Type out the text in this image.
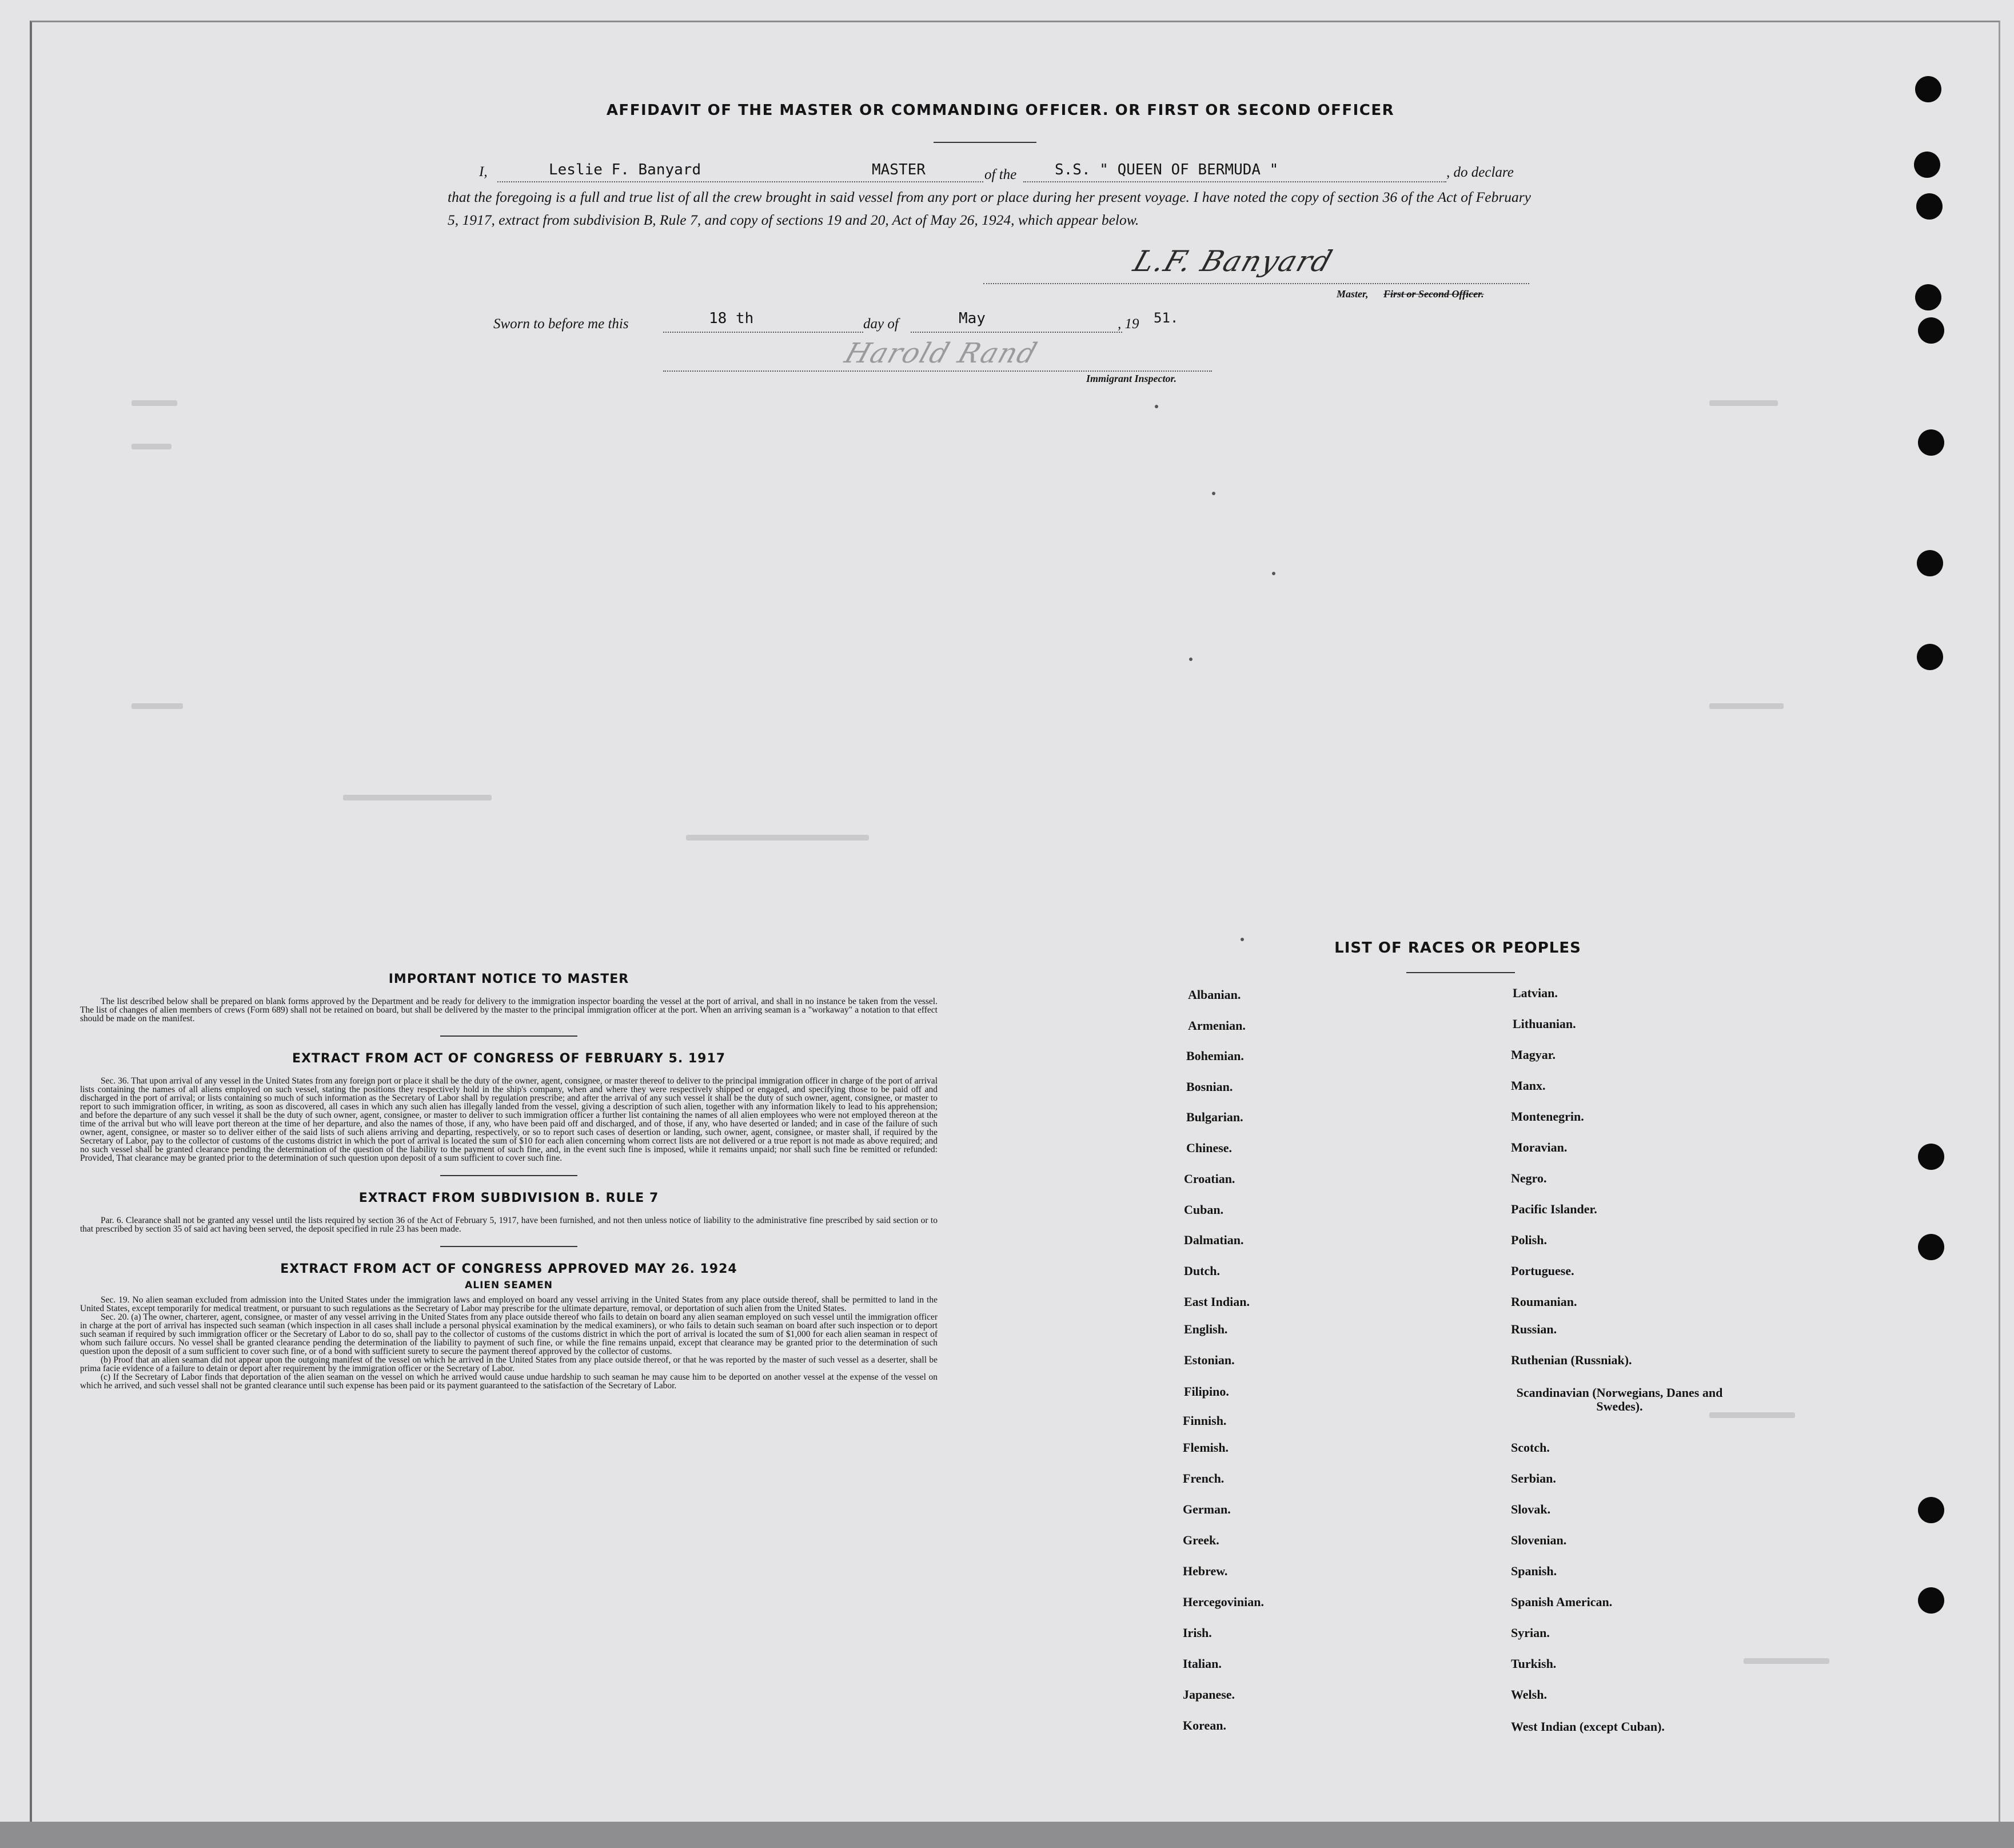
AFFIDAVIT OF THE MASTER OR COMMANDING OFFICER. OR FIRST OR SECOND OFFICER
I,	Leslie F. Banyard	MASTER	of the	S.S. " QUEEN OF BERMUDA "	, do declare
that the foregoing is a full and true list of all the crew brought in said vessel from any port or place during her present voyage. I have noted the copy of section 36 of the Act of February 5, 1917, extract from subdivision B, Rule 7, and copy of sections 19 and 20, Act of May 26, 1924, which appear below.
L.F. Banyard
Master, First or Second Officer.
Sworn to before me this	18 th	day of	May	, 19 51.
Harold Rand
Immigrant Inspector.
IMPORTANT NOTICE TO MASTER

The list described below shall be prepared on blank forms approved by the Department and be ready for delivery to the immigration inspector boarding the vessel at the port of arrival, and shall in no instance be taken from the vessel. The list of changes of alien members of crews (Form 689) shall not be retained on board, but shall be delivered by the master to the principal immigration officer at the port. When an arriving seaman is a "workaway" a notation to that effect should be made on the manifest.

EXTRACT FROM ACT OF CONGRESS OF FEBRUARY 5. 1917

Sec. 36. That upon arrival of any vessel in the United States from any foreign port or place it shall be the duty of the owner, agent, consignee, or master thereof to deliver to the principal immigration officer in charge of the port of arrival lists containing the names of all aliens employed on such vessel, stating the positions they respectively hold in the ship's company, when and where they were respectively shipped or engaged, and specifying those to be paid off and discharged in the port of arrival; or lists containing so much of such information as the Secretary of Labor shall by regulation prescribe; and after the arrival of any such vessel it shall be the duty of such owner, agent, consignee, or master to report to such immigration officer, in writing, as soon as discovered, all cases in which any such alien has illegally landed from the vessel, giving a description of such alien, together with any information likely to lead to his apprehension; and before the departure of any such vessel it shall be the duty of such owner, agent, consignee, or master to deliver to such immigration officer a further list containing the names of all alien employees who were not employed thereon at the time of the arrival but who will leave port thereon at the time of her departure, and also the names of those, if any, who have been paid off and discharged, and of those, if any, who have deserted or landed; and in case of the failure of such owner, agent, consignee, or master so to deliver either of the said lists of such aliens arriving and departing, respectively, or so to report such cases of desertion or landing, such owner, agent, consignee, or master shall, if required by the Secretary of Labor, pay to the collector of customs of the customs district in which the port of arrival is located the sum of $10 for each alien concerning whom correct lists are not delivered or a true report is not made as above required; and no such vessel shall be granted clearance pending the determination of the question of the liability to the payment of such fine, and, in the event such fine is imposed, while it remains unpaid; nor shall such fine be remitted or refunded: Provided, That clearance may be granted prior to the determination of such question upon deposit of a sum sufficient to cover such fine.

EXTRACT FROM SUBDIVISION B. RULE 7

Par. 6. Clearance shall not be granted any vessel until the lists required by section 36 of the Act of February 5, 1917, have been furnished, and not then unless notice of liability to the administrative fine prescribed by said section or to that prescribed by section 35 of said act having been served, the deposit specified in rule 23 has been made.

EXTRACT FROM ACT OF CONGRESS APPROVED MAY 26. 1924
ALIEN SEAMEN

Sec. 19. No alien seaman excluded from admission into the United States under the immigration laws and employed on board any vessel arriving in the United States from any place outside thereof, shall be permitted to land in the United States, except temporarily for medical treatment, or pursuant to such regulations as the Secretary of Labor may prescribe for the ultimate departure, removal, or deportation of such alien from the United States.

Sec. 20. (a) The owner, charterer, agent, consignee, or master of any vessel arriving in the United States from any place outside thereof who fails to detain on board any alien seaman employed on such vessel until the immigration officer in charge at the port of arrival has inspected such seaman (which inspection in all cases shall include a personal physical examination by the medical examiners), or who fails to detain such seaman on board after such inspection or to deport such seaman if required by such immigration officer or the Secretary of Labor to do so, shall pay to the collector of customs of the customs district in which the port of arrival is located the sum of $1,000 for each alien seaman in respect of whom such failure occurs. No vessel shall be granted clearance pending the determination of the liability to payment of such fine, or while the fine remains unpaid, except that clearance may be granted prior to the determination of such question upon the deposit of a sum sufficient to cover such fine, or of a bond with sufficient surety to secure the payment thereof approved by the collector of customs.

(b) Proof that an alien seaman did not appear upon the outgoing manifest of the vessel on which he arrived in the United States from any place outside thereof, or that he was reported by the master of such vessel as a deserter, shall be prima facie evidence of a failure to detain or deport after requirement by the immigration officer or the Secretary of Labor.

(c) If the Secretary of Labor finds that deportation of the alien seaman on the vessel on which he arrived would cause undue hardship to such seaman he may cause him to be deported on another vessel at the expense of the vessel on which he arrived, and such vessel shall not be granted clearance until such expense has been paid or its payment guaranteed to the satisfaction of the Secretary of Labor.

LIST OF RACES OR PEOPLES
Albanian.
Armenian.
Bohemian.
Bosnian.
Bulgarian.
Chinese.
Croatian.
Cuban.
Dalmatian.
Dutch.
East Indian.
English.
Estonian.
Filipino.
Finnish.
Flemish.
French.
German.
Greek.
Hebrew.
Hercegovinian.
Irish.
Italian.
Japanese.
Korean.
Latvian.
Lithuanian.
Magyar.
Manx.
Montenegrin.
Moravian.
Negro.
Pacific Islander.
Polish.
Portuguese.
Roumanian.
Russian.
Ruthenian (Russniak).
Scandinavian (Norwegians, Danes and Swedes).
Scotch.
Serbian.
Slovak.
Slovenian.
Spanish.
Spanish American.
Syrian.
Turkish.
Welsh.
West Indian (except Cuban).
